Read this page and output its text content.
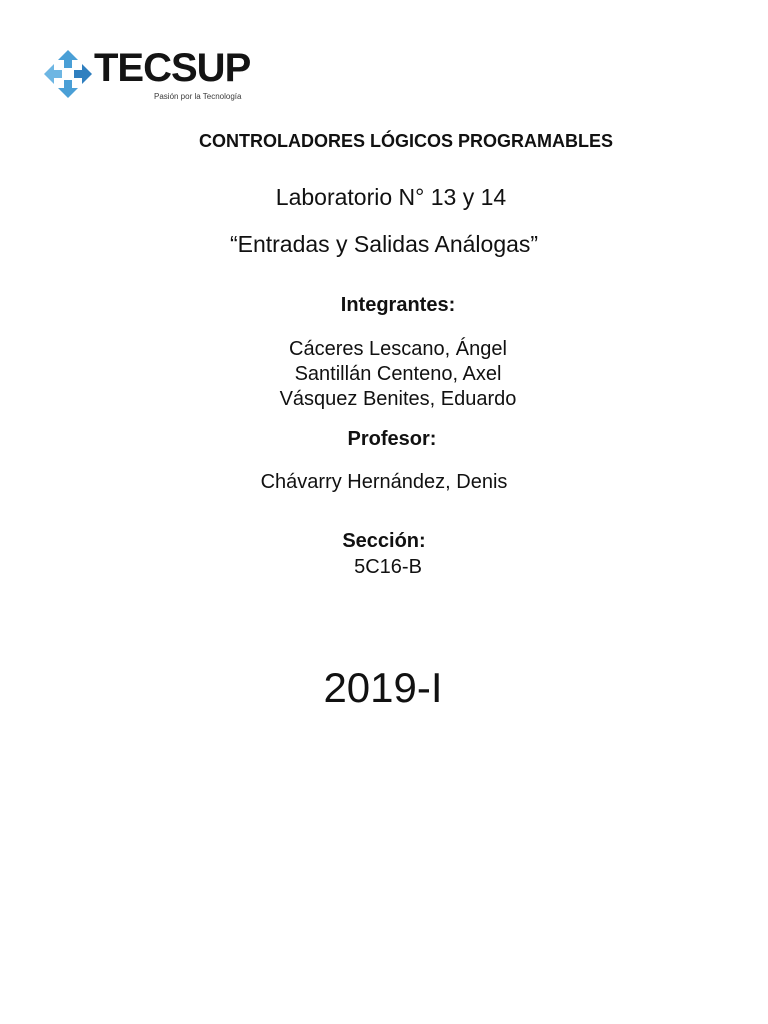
TECSUP
Pasión por la Tecnología
CONTROLADORES LÓGICOS PROGRAMABLES
Laboratorio N° 13 y 14
“Entradas y Salidas Análogas”
Integrantes:
Cáceres Lescano, Ángel
Santillán Centeno, Axel
Vásquez Benites, Eduardo
Profesor:
Chávarry Hernández, Denis
Sección:
5C16-B
2019-I
